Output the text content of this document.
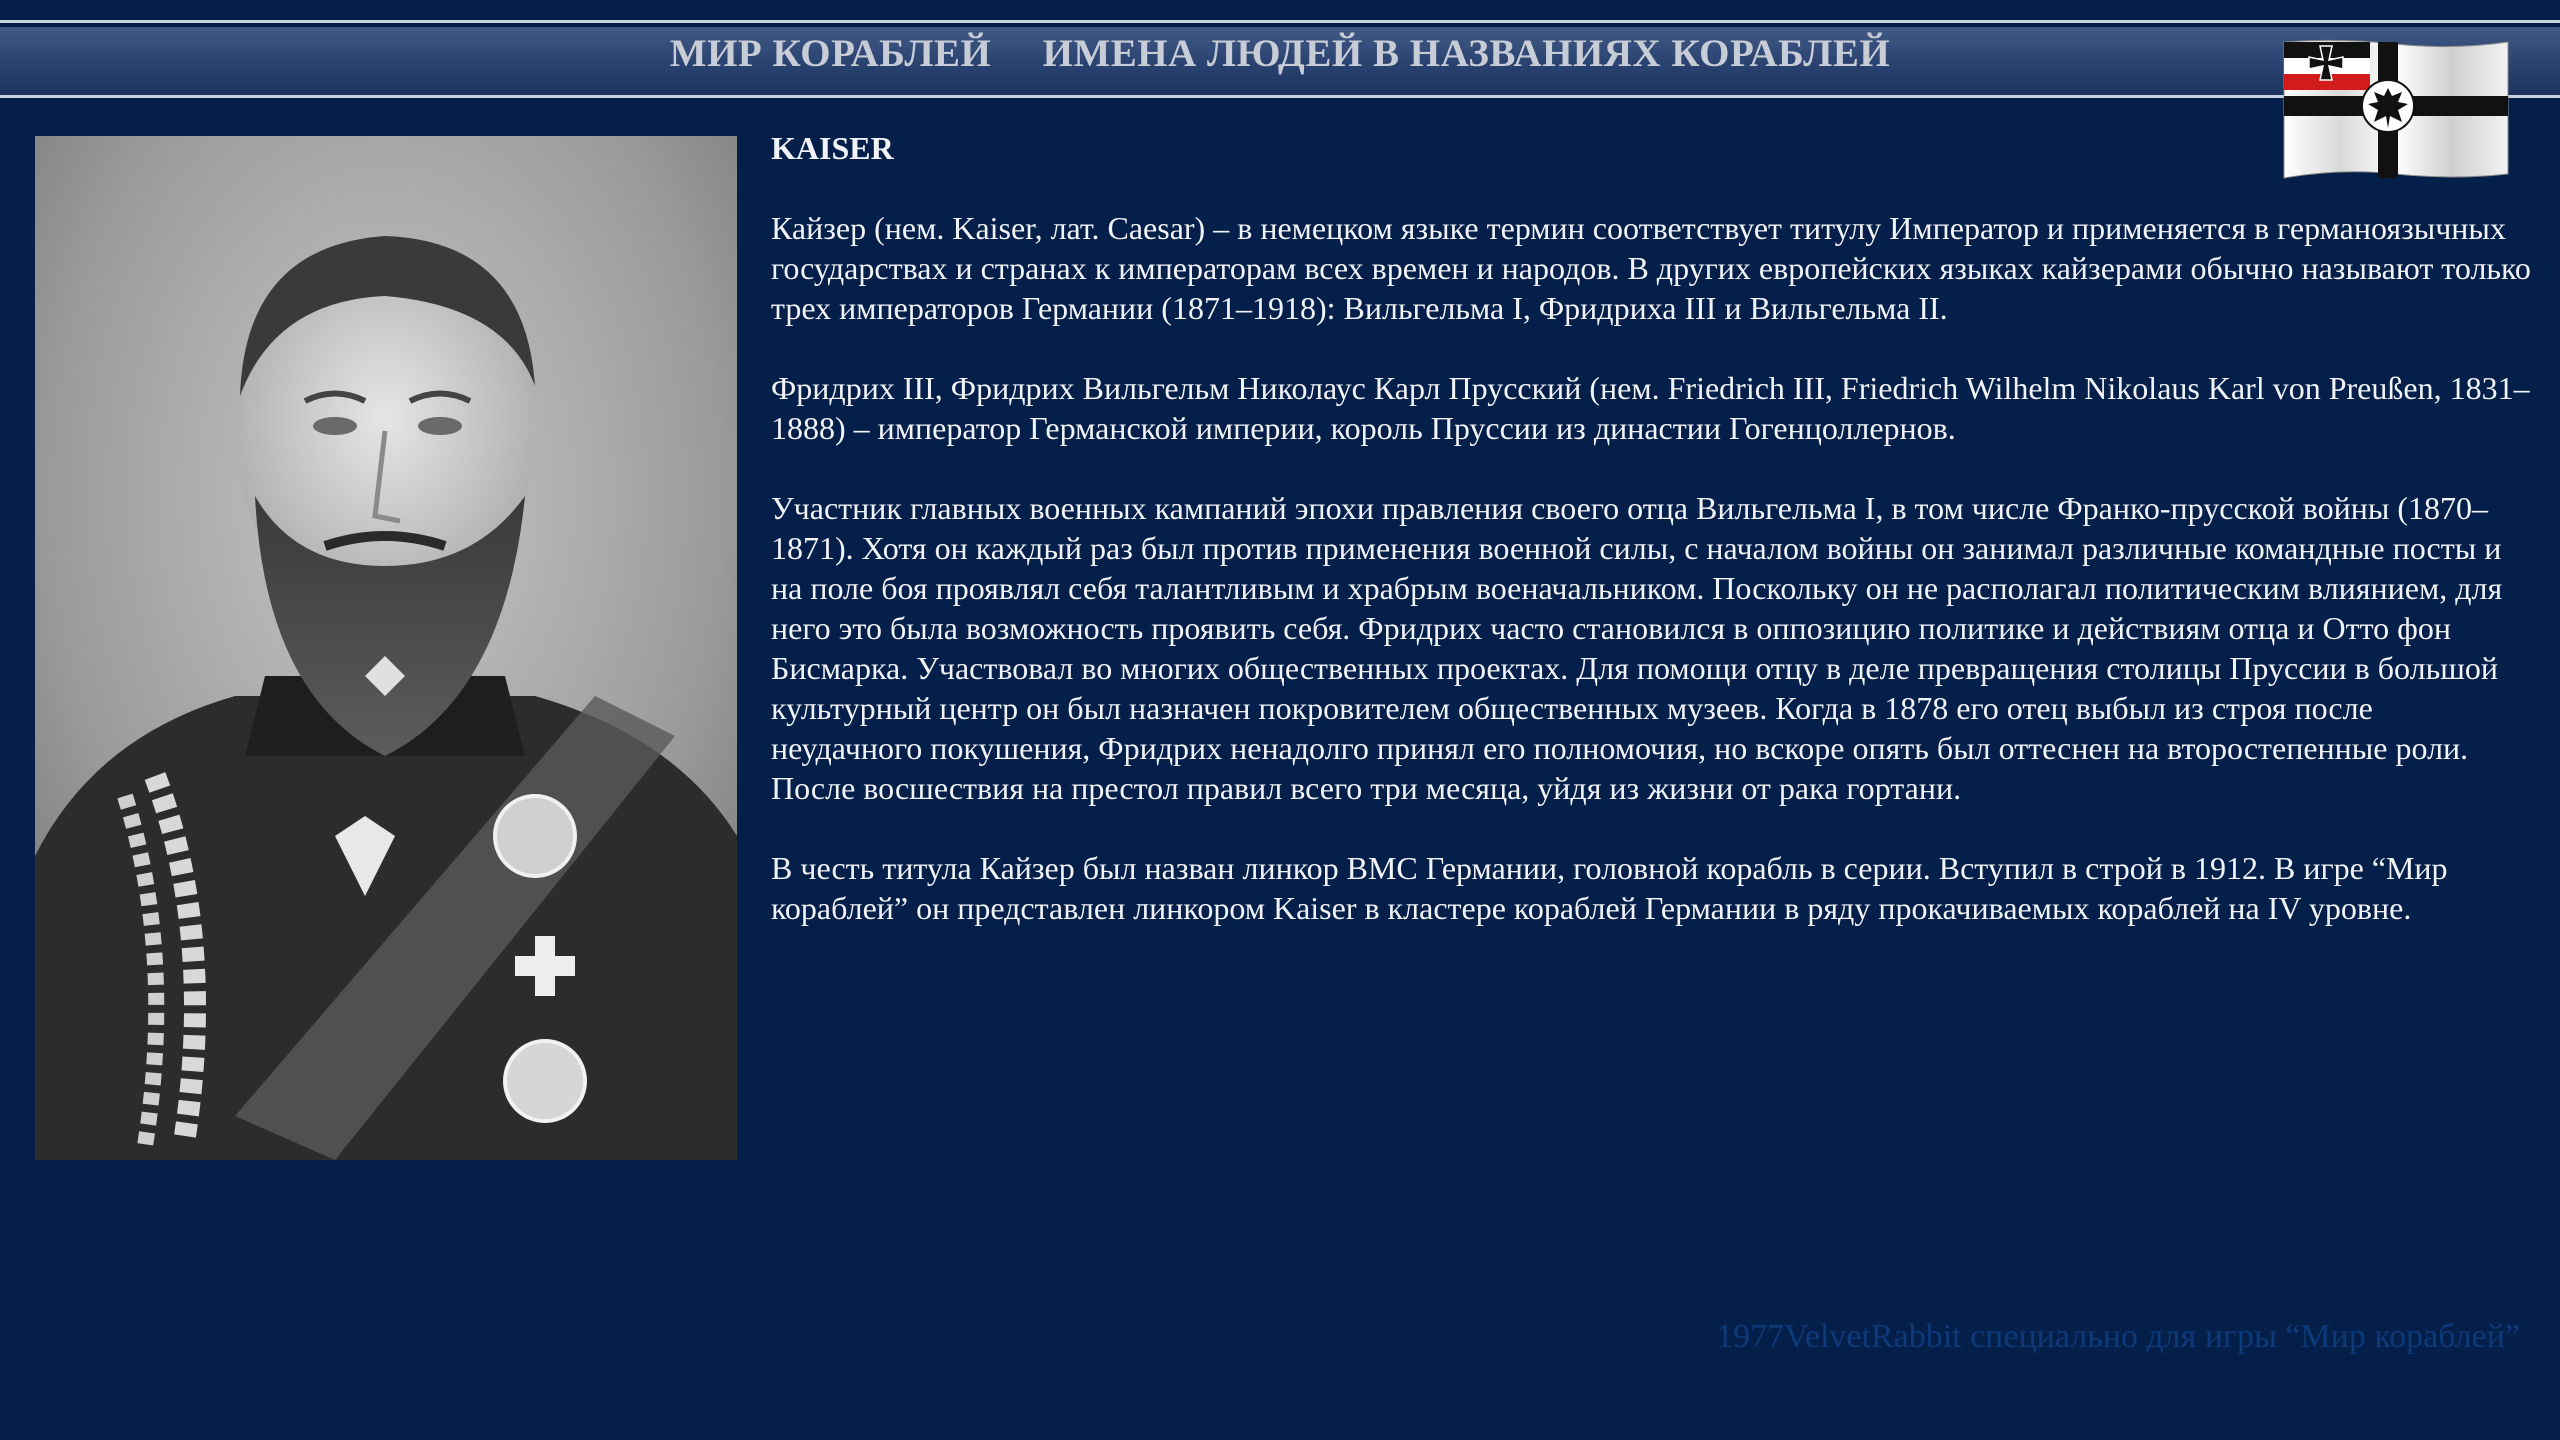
МИР КОРАБЛЕЙ     ИМЕНА ЛЮДЕЙ В НАЗВАНИЯХ КОРАБЛЕЙ

KAISER

Кайзер (нем. Kaiser, лат. Caesar) – в немецком языке термин соответствует титулу Император и применяется в германоязычных государствах и странах к императорам всех времен и народов. В других европейских языках кайзерами обычно называют только трех императоров Германии (1871–1918): Вильгельма I, Фридриха III и Вильгельма II.

Фридрих III, Фридрих Вильгельм Николаус Карл Прусский (нем. Friedrich III, Friedrich Wilhelm Nikolaus Karl von Preußen, 1831–1888) – император Германской империи, король Пруссии из династии Гогенцоллернов.

Участник главных военных кампаний эпохи правления своего отца Вильгельма I, в том числе Франко-прусской войны (1870–1871). Хотя он каждый раз был против применения военной силы, с началом войны он занимал различные командные посты и на поле боя проявлял себя талантливым и храбрым военачальником. Поскольку он не располагал политическим влиянием, для него это была возможность проявить себя. Фридрих часто становился в оппозицию политике и действиям отца и Отто фон Бисмарка. Участвовал во многих общественных проектах. Для помощи отцу в деле превращения столицы Пруссии в большой культурный центр он был назначен покровителем общественных музеев. Когда в 1878 его отец выбыл из строя после неудачного покушения, Фридрих ненадолго принял его полномочия, но вскоре опять был оттеснен на второстепенные роли. После восшествия на престол правил всего три месяца, уйдя из жизни от рака гортани.

В честь титула Кайзер был назван линкор ВМС Германии, головной корабль в серии. Вступил в строй в 1912. В игре “Мир кораблей” он представлен линкором Kaiser в кластере кораблей Германии в ряду прокачиваемых кораблей на IV уровне.

1977VelvetRabbit специально для игры “Мир кораблей”
